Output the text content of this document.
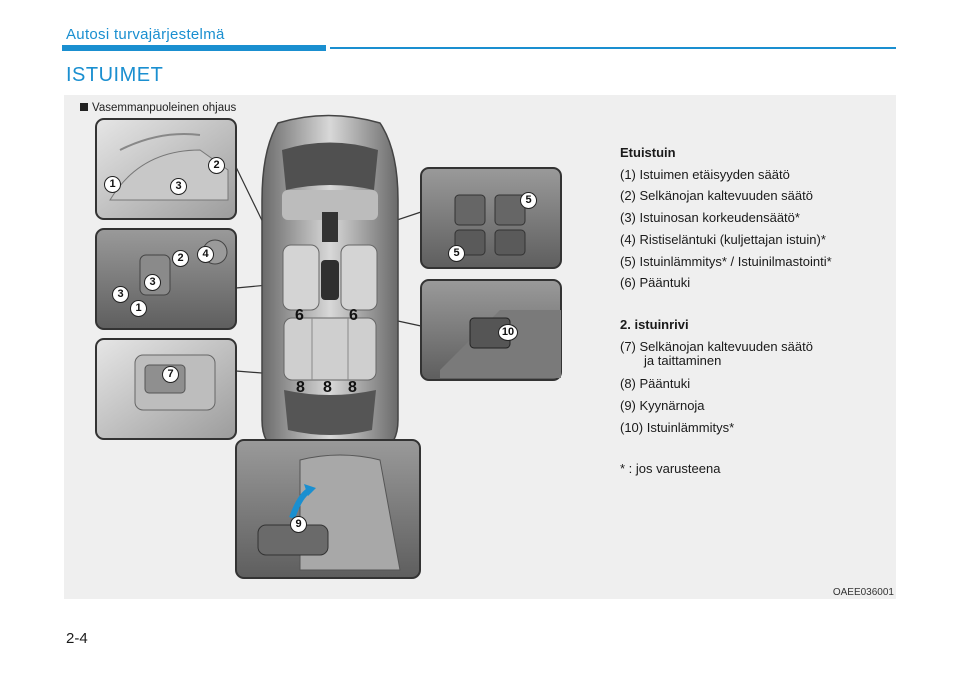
Autosi turvajärjestelmä
ISTUIMET
Vasemmanpuoleinen ohjaus
6	6
8 8 8
1
2
3
2	4
3
3
1
7
5
5
10
9
Etuistuin
(1) Istuimen etäisyyden säätö
(2) Selkänojan kaltevuuden säätö
(3) Istuinosan korkeudensäätö*
(4) Ristiseläntuki (kuljettajan istuin)*
(5) Istuinlämmitys* / Istuinilmastointi*
(6) Pääntuki
2. istuinrivi
(7) Selkänojan kaltevuuden säätö
ja taittaminen
(8) Pääntuki
(9) Kyynärnoja
(10) Istuinlämmitys*
* : jos varusteena
OAEE036001
2-4
